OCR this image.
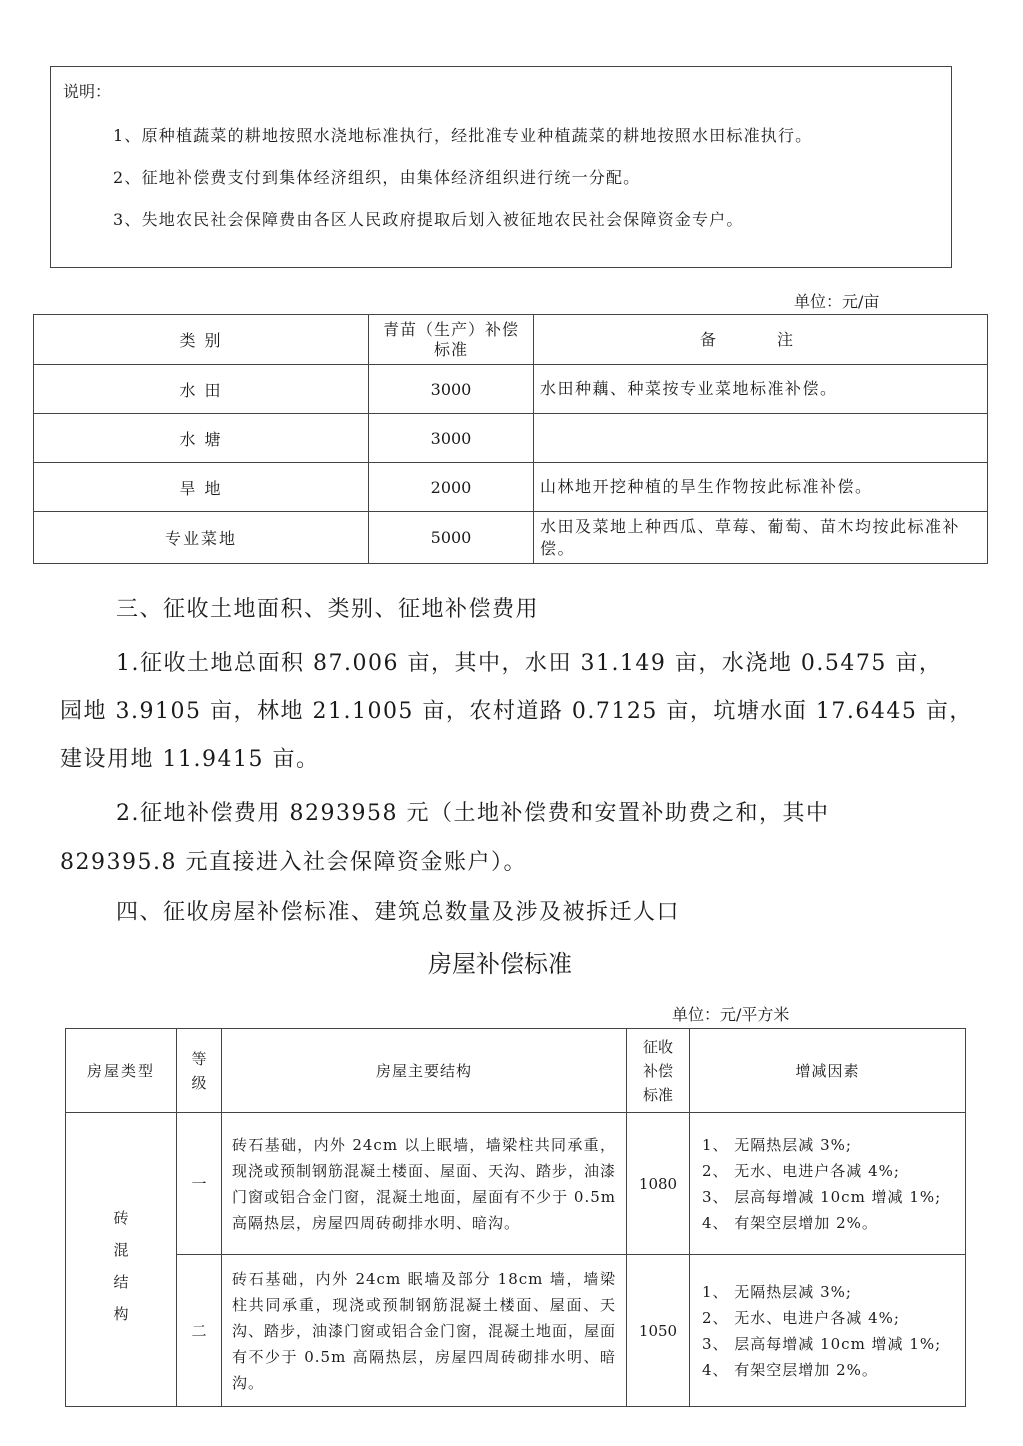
说明：
1、原种植蔬菜的耕地按照水浇地标准执行，经批准专业种植蔬菜的耕地按照水田标准执行。
2、征地补偿费支付到集体经济组织，由集体经济组织进行统一分配。
3、失地农民社会保障费由各区人民政府提取后划入被征地农民社会保障资金专户。
单位：元/亩
类 别	青苗（生产）补偿标准	备 注
水 田	3000	水田种藕、种菜按专业菜地标准补偿。
水 塘	3000	
旱 地	2000	山林地开挖种植的旱生作物按此标准补偿。
专业菜地	5000	水田及菜地上种西瓜、草莓、葡萄、苗木均按此标准补偿。
三、征收土地面积、类别、征地补偿费用
1.征收土地总面积 87.006 亩，其中，水田 31.149 亩，水浇地 0.5475 亩，
园地 3.9105 亩，林地 21.1005 亩，农村道路 0.7125 亩，坑塘水面 17.6445 亩，
建设用地 11.9415 亩。
2.征地补偿费用 8293958 元（土地补偿费和安置补助费之和，其中
829395.8 元直接进入社会保障资金账户）。
四、征收房屋补偿标准、建筑总数量及涉及被拆迁人口
房屋补偿标准
单位：元/平方米
房屋类型	等级	房屋主要结构	征收补偿标准	增减因素
砖混结构	一	砖石基础，内外 24cm 以上眠墙，墙梁柱共同承重，现浇或预制钢筋混凝土楼面、屋面、天沟、踏步，油漆门窗或铝合金门窗，混凝土地面，屋面有不少于 0.5m 高隔热层，房屋四周砖砌排水明、暗沟。	1080	1、 无隔热层减 3%;
2、 无水、电进户各减 4%;
3、 层高每增减 10cm 增减 1%;
4、 有架空层增加 2%。

	二	砖石基础，内外 24cm 眠墙及部分 18cm 墙，墙梁柱共同承重，现浇或预制钢筋混凝土楼面、屋面、天沟、踏步，油漆门窗或铝合金门窗，混凝土地面，屋面有不少于 0.5m 高隔热层，房屋四周砖砌排水明、暗沟。	1050	1、 无隔热层减 3%;
2、 无水、电进户各减 4%;
3、 层高每增减 10cm 增减 1%;
4、 有架空层增加 2%。
